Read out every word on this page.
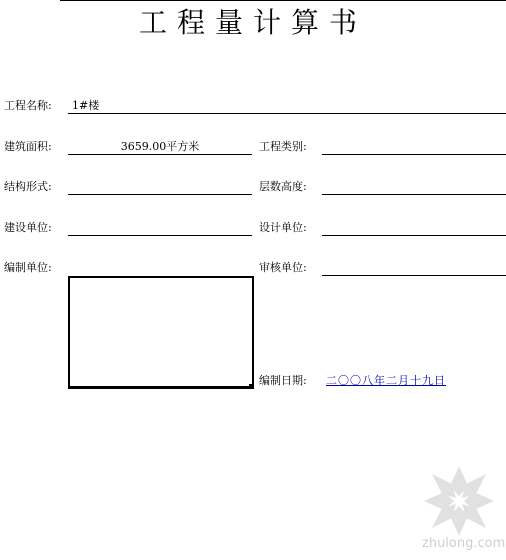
工程量计算书
工程名称: 1#楼
建筑面积:	3659.00平方米	工程类别:
结构形式:	层数高度:
建设单位:	设计单位:
编制单位:	审核单位:
编制日期: 二〇〇八年二月十九日
zhulong.com
